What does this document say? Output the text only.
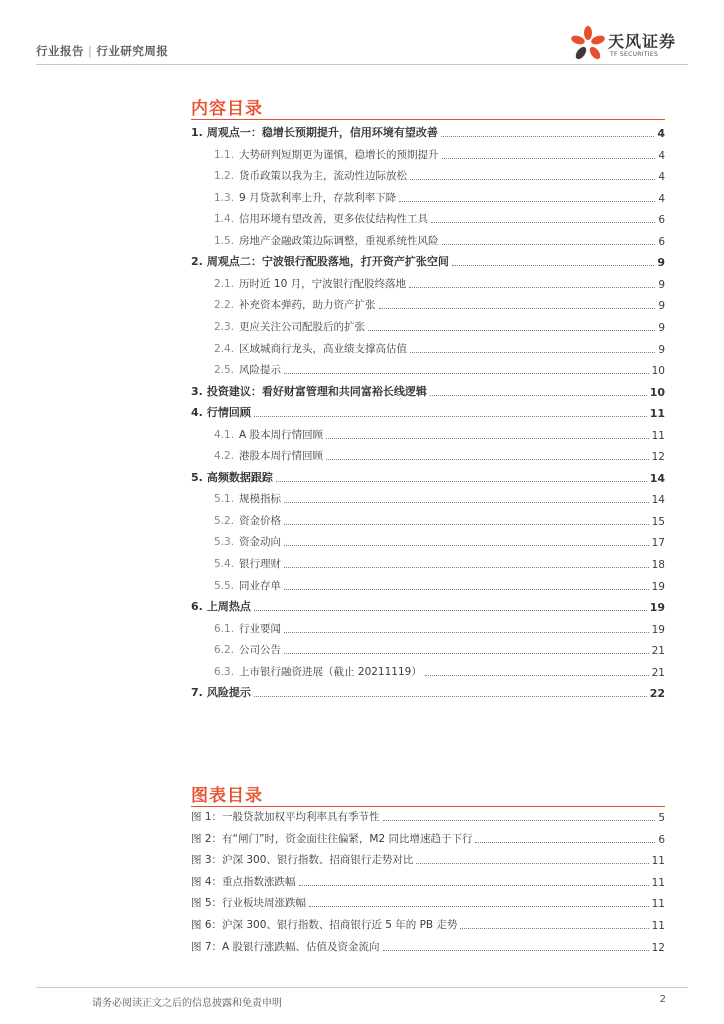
行业报告 | 行业研究周报	天风证券
TF SECURITIES
内容目录
1. 周观点一：稳增长预期提升，信用环境有望改善	4
1.1. 大势研判短期更为谨慎，稳增长的预期提升	4
1.2. 货币政策以我为主，流动性边际放松	4
1.3. 9 月贷款利率上升，存款利率下降	4
1.4. 信用环境有望改善，更多依仗结构性工具	6
1.5. 房地产金融政策边际调整，重视系统性风险	6
2. 周观点二：宁波银行配股落地，打开资产扩张空间	9
2.1. 历时近 10 月，宁波银行配股终落地	9
2.2. 补充资本弹药，助力资产扩张	9
2.3. 更应关注公司配股后的扩张	9
2.4. 区域城商行龙头，高业绩支撑高估值	9
2.5. 风险提示	10
3. 投资建议：看好财富管理和共同富裕长线逻辑	10
4. 行情回顾	11
4.1. A 股本周行情回顾	11
4.2. 港股本周行情回顾	12
5. 高频数据跟踪	14
5.1. 规模指标	14
5.2. 资金价格	15
5.3. 资金动向	17
5.4. 银行理财	18
5.5. 同业存单	19
6. 上周热点	19
6.1. 行业要闻	19
6.2. 公司公告	21
6.3. 上市银行融资进展（截止 20211119）	21
7. 风险提示	22
图表目录
图 1：一般贷款加权平均利率具有季节性	5
图 2：有“闸门”时，资金面往往偏紧，M2 同比增速趋于下行	6
图 3：沪深 300、银行指数、招商银行走势对比	11
图 4：重点指数涨跌幅	11
图 5：行业板块周涨跌幅	11
图 6：沪深 300、银行指数、招商银行近 5 年的 PB 走势	11
图 7：A 股银行涨跌幅、估值及资金流向	12
请务必阅读正文之后的信息披露和免责申明	2
